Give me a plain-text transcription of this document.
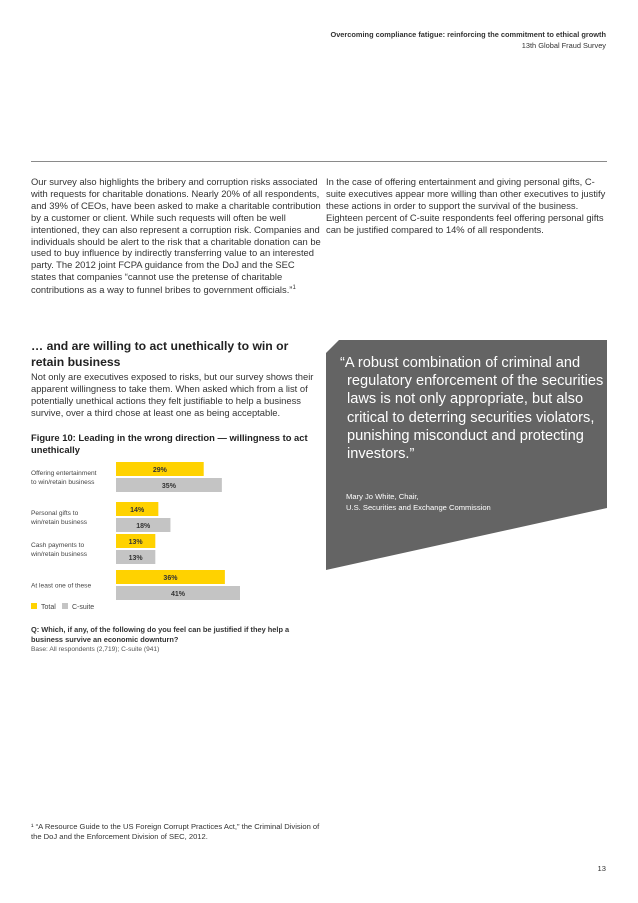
Overcoming compliance fatigue: reinforcing the commitment to ethical growth
13th Global Fraud Survey

Our survey also highlights the bribery and corruption risks associated with requests for charitable donations. Nearly 20% of all respondents, and 39% of CEOs, have been asked to make a charitable contribution by a customer or client. While such requests will often be well intentioned, they can also represent a corruption risk. Companies and individuals should be alert to the risk that a charitable donation can be used to buy influence by indirectly transferring value to an interested party. The 2012 joint FCPA guidance from the DoJ and the SEC states that companies “cannot use the pretense of charitable contributions as a way to funnel bribes to government officials.”$^1$

In the case of offering entertainment and giving personal gifts, C-suite executives appear more willing than other executives to justify these actions in order to support the survival of the business. Eighteen percent of C-suite respondents feel offering personal gifts can be justified compared to 14% of all respondents.
… and are willing to act unethically to win or retain business
Not only are executives exposed to risks, but our survey shows their apparent willingness to take them. When asked which from a list of potentially unethical actions they felt justifiable to help a business survive, over a third chose at least one as being acceptable.
Figure 10: Leading in the wrong direction — willingness to act unethically
Offering entertainment
to win/retain business
29%
35%
Personal gifts to
win/retain business
14%
18%
Cash payments to
win/retain business
13%
13%
At least one of these
36%
41%
Total C-suite
Q: Which, if any, of the following do you feel can be justified if they help a business survive an economic downturn?
Base: All respondents (2,719); C-suite (941)
“A robust combination of criminal and regulatory enforcement of the securities laws is not only appropriate, but also critical to deterring securities violators, punishing misconduct and protecting investors.”
Mary Jo White, Chair,
U.S. Securities and Exchange Commission
¹ “A Resource Guide to the US Foreign Corrupt Practices Act,” the Criminal Division of the DoJ and the Enforcement Division of SEC, 2012.
13
